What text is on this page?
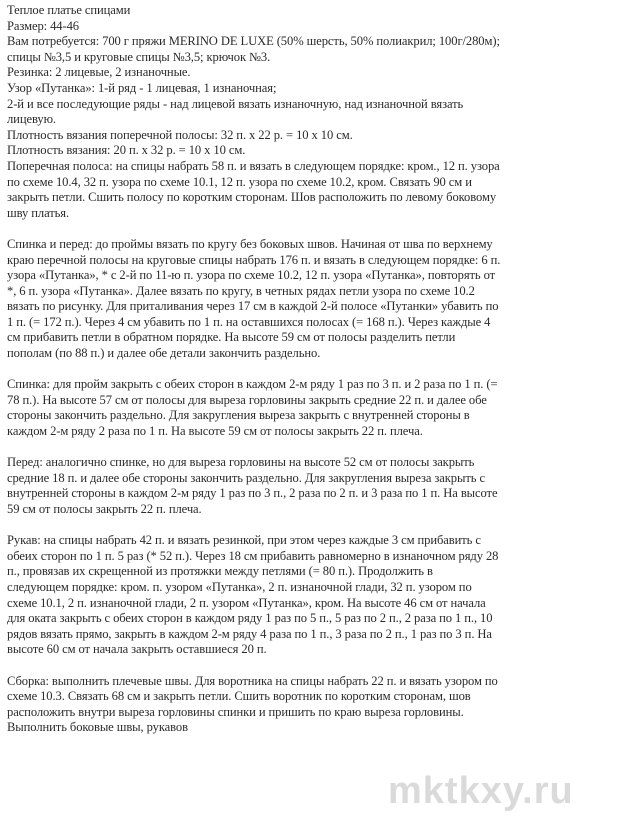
Теплое платье спицами
Размер: 44-46
Вам потребуется: 700 г пряжи MERINO DE LUXE (50% шерсть, 50% полиакрил; 100г/280м);
спицы №3,5 и круговые спицы №3,5; крючок №3.
Резинка: 2 лицевые, 2 изнаночные.
Узор «Путанка»: 1-й ряд - 1 лицевая, 1 изнаночная;
2-й и все последующие ряды - над лицевой вязать изнаночную, над изнаночной вязать
лицевую.
Плотность вязания поперечной полосы: 32 п. х 22 р. = 10 х 10 см.
Плотность вязания: 20 п. х 32 р. = 10 х 10 см.
Поперечная полоса: на спицы набрать 58 п. и вязать в следующем порядке: кром., 12 п. узора
по схеме 10.4, 32 п. узора по схеме 10.1, 12 п. узора по схеме 10.2, кром. Связать 90 см и
закрыть петли. Сшить полосу по коротким сторонам. Шов расположить по левому боковому
шву платья.
Спинка и перед: до проймы вязать по кругу без боковых швов. Начиная от шва по верхнему
краю перечной полосы на круговые спицы набрать 176 п. и вязать в следующем порядке: 6 п.
узора «Путанка», * с 2-й по 11-ю п. узора по схеме 10.2, 12 п. узора «Путанка», повторять от
*, 6 п. узора «Путанка». Далее вязать по кругу, в четных рядах петли узора по схеме 10.2
вязать по рисунку. Для приталивания через 17 см в каждой 2-й полосе «Путанки» убавить по
1 п. (= 172 п.). Через 4 см убавить по 1 п. на оставшихся полосах (= 168 п.). Через каждые 4
см прибавить петли в обратном порядке. На высоте 59 см от полосы разделить петли
пополам (по 88 п.) и далее обе детали закончить раздельно.
Спинка: для пройм закрыть с обеих сторон в каждом 2-м ряду 1 раз по 3 п. и 2 раза по 1 п. (=
78 п.). На высоте 57 см от полосы для выреза горловины закрыть средние 22 п. и далее обе
стороны закончить раздельно. Для закругления выреза закрыть с внутренней стороны в
каждом 2-м ряду 2 раза по 1 п. На высоте 59 см от полосы закрыть 22 п. плеча.
Перед: аналогично спинке, но для выреза горловины на высоте 52 см от полосы закрыть
средние 18 п. и далее обе стороны закончить раздельно. Для закругления выреза закрыть с
внутренней стороны в каждом 2-м ряду 1 раз по 3 п., 2 раза по 2 п. и 3 раза по 1 п. На высоте
59 см от полосы закрыть 22 п. плеча.
Рукав: на спицы набрать 42 п. и вязать резинкой, при этом через каждые 3 см прибавить с
обеих сторон по 1 п. 5 раз (* 52 п.). Через 18 см прибавить равномерно в изнаночном ряду 28
п., провязав их скрещенной из протяжки между петлями (= 80 п.). Продолжить в
следующем порядке: кром. п. узором «Путанка», 2 п. изнаночной глади, 32 п. узором по
схеме 10.1, 2 п. изнаночной глади, 2 п. узором «Путанка», кром. На высоте 46 см от начала
для оката закрыть с обеих сторон в каждом ряду 1 раз по 5 п., 5 раз по 2 п., 2 раза по 1 п., 10
рядов вязать прямо, закрыть в каждом 2-м ряду 4 раза по 1 п., 3 раза по 2 п., 1 раз по 3 п. На
высоте 60 см от начала закрыть оставшиеся 20 п.
Сборка: выполнить плечевые швы. Для воротника на спицы набрать 22 п. и вязать узором по
схеме 10.3. Связать 68 см и закрыть петли. Сшить воротник по коротким сторонам, шов
расположить внутри выреза горловины спинки и пришить по краю выреза горловины.
Выполнить боковые швы, рукавов
mktkxy.ru
